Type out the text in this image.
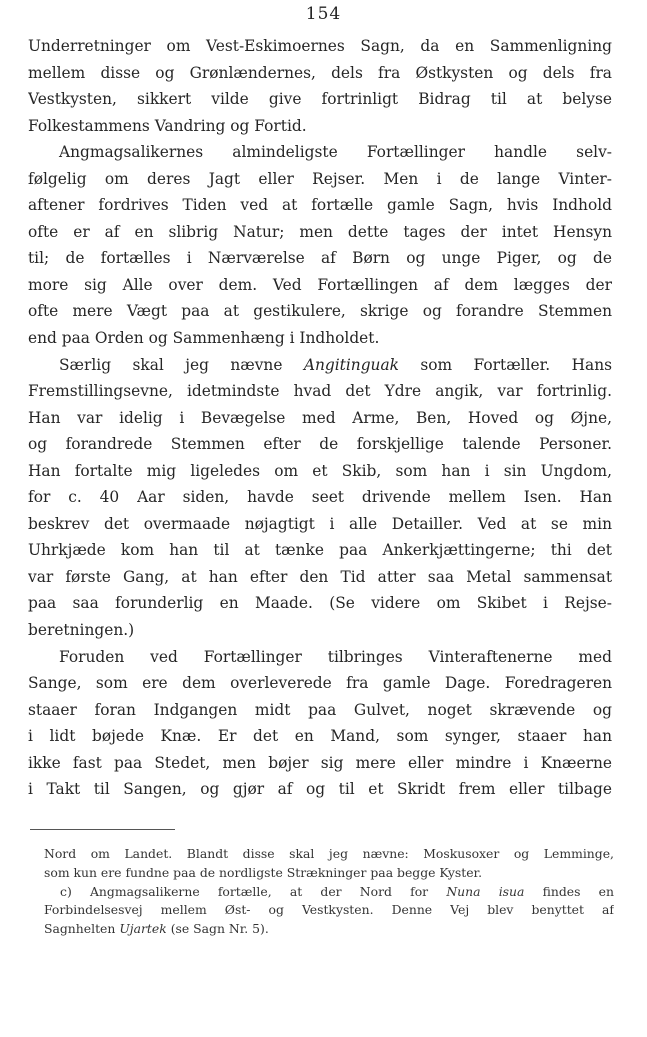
154
Underretninger om Vest-Eskimoernes Sagn, da en Sammenligning
mellem disse og Grønlændernes, dels fra Østkysten og dels fra
Vestkysten, sikkert vilde give fortrinligt Bidrag til at belyse
Folkestammens Vandring og Fortid.
Angmagsalikernes almindeligste Fortællinger handle selv-
følgelig om deres Jagt eller Rejser. Men i de lange Vinter-
aftener fordrives Tiden ved at fortælle gamle Sagn, hvis Indhold
ofte er af en slibrig Natur; men dette tages der intet Hensyn
til; de fortælles i Nærværelse af Børn og unge Piger, og de
more sig Alle over dem. Ved Fortællingen af dem lægges der
ofte mere Vægt paa at gestikulere, skrige og forandre Stemmen
end paa Orden og Sammenhæng i Indholdet.
Særlig skal jeg nævne Angitinguak som Fortæller. Hans
Fremstillingsevne, idetmindste hvad det Ydre angik, var fortrinlig.
Han var idelig i Bevægelse med Arme, Ben, Hoved og Øjne,
og forandrede Stemmen efter de forskjellige talende Personer.
Han fortalte mig ligeledes om et Skib, som han i sin Ungdom,
for c. 40 Aar siden, havde seet drivende mellem Isen. Han
beskrev det overmaade nøjagtigt i alle Detailler. Ved at se min
Uhrkjæde kom han til at tænke paa Ankerkjættingerne; thi det
var første Gang, at han efter den Tid atter saa Metal sammensat
paa saa forunderlig en Maade. (Se videre om Skibet i Rejse-
beretningen.)
Foruden ved Fortællinger tilbringes Vinteraftenerne med
Sange, som ere dem overleverede fra gamle Dage. Foredrageren
staaer foran Indgangen midt paa Gulvet, noget skrævende og
i lidt bøjede Knæ. Er det en Mand, som synger, staaer han
ikke fast paa Stedet, men bøjer sig mere eller mindre i Knæerne
i Takt til Sangen, og gjør af og til et Skridt frem eller tilbage
Nord om Landet. Blandt disse skal jeg nævne: Moskusoxer og Lemminge,
som kun ere fundne paa de nordligste Strækninger paa begge Kyster.
c) Angmagsalikerne fortælle, at der Nord for Nuna isua findes en
Forbindelsesvej mellem Øst- og Vestkysten. Denne Vej blev benyttet af
Sagnhelten Ujartek (se Sagn Nr. 5).
